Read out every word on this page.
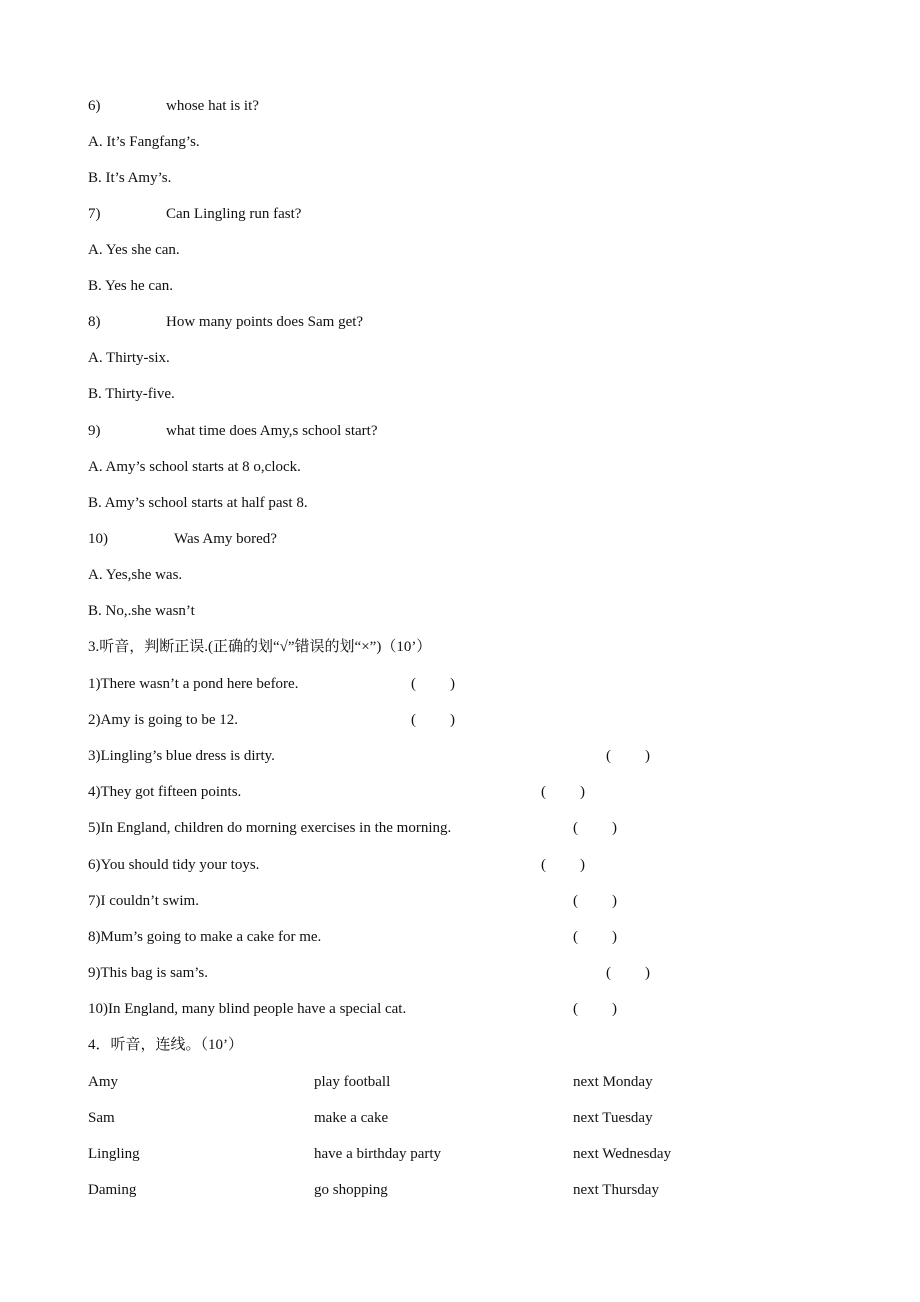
6)	whose hat is it?
A. It’s Fangfang’s.
B. It’s Amy’s.
7)	Can Lingling run fast?
A. Yes she can.
B. Yes he can.
8)	How many points does Sam get?
A. Thirty-six.
B. Thirty-five.
9)	what time does Amy,s school start?
A. Amy’s school starts at 8 o,clock.
B. Amy’s school starts at half past 8.
10)	Was Amy bored?
A. Yes,she was.
B. No,.she wasn’t
3.听音，判断正误.(正确的划“√”错误的划“×”)（10’）
1)There wasn’t a pond here before.	( )
2)Amy is going to be 12.	( )
3)Lingling’s blue dress is dirty.	( )
4)They got fifteen points.	( )
5)In England, children do morning exercises in the morning.	( )
6)You should tidy your toys.	( )
7)I couldn’t swim.	( )
8)Mum’s going to make a cake for me.	( )
9)This bag is sam’s.	( )
10)In England, many blind people have a special cat.	( )
4．听音，连线。（10’）
Amy	play football	next Monday
Sam	make a cake	next Tuesday
Lingling	have a birthday party	next Wednesday
Daming	go shopping	next Thursday
